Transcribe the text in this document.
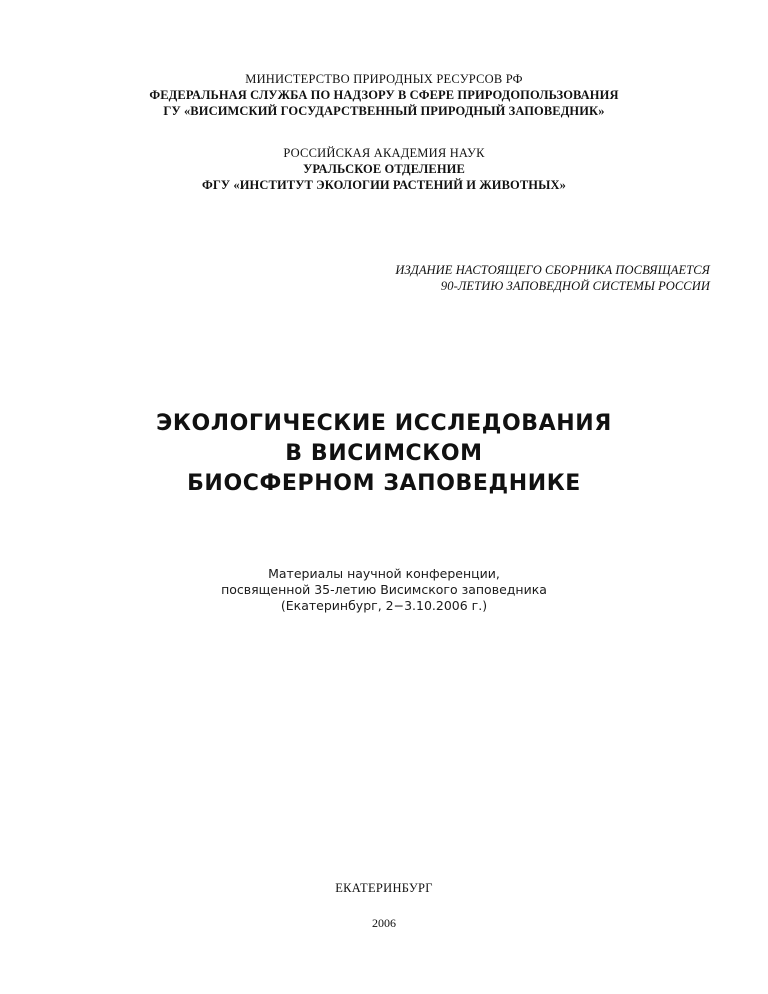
МИНИСТЕРСТВО ПРИРОДНЫХ РЕСУРСОВ РФ
ФЕДЕРАЛЬНАЯ СЛУЖБА ПО НАДЗОРУ В СФЕРЕ ПРИРОДОПОЛЬЗОВАНИЯ
ГУ «ВИСИМСКИЙ ГОСУДАРСТВЕННЫЙ ПРИРОДНЫЙ ЗАПОВЕДНИК»
РОССИЙСКАЯ АКАДЕМИЯ НАУК
УРАЛЬСКОЕ ОТДЕЛЕНИЕ
ФГУ «ИНСТИТУТ ЭКОЛОГИИ РАСТЕНИЙ И ЖИВОТНЫХ»
ИЗДАНИЕ НАСТОЯЩЕГО СБОРНИКА ПОСВЯЩАЕТСЯ
90-ЛЕТИЮ ЗАПОВЕДНОЙ СИСТЕМЫ РОССИИ
ЭКОЛОГИЧЕСКИЕ ИССЛЕДОВАНИЯ
В ВИСИМСКОМ
БИОСФЕРНОМ ЗАПОВЕДНИКЕ
Материалы научной конференции,
посвященной 35-летию Висимского заповедника
(Екатеринбург, 2−3.10.2006 г.)
ЕКАТЕРИНБУРГ
2006
